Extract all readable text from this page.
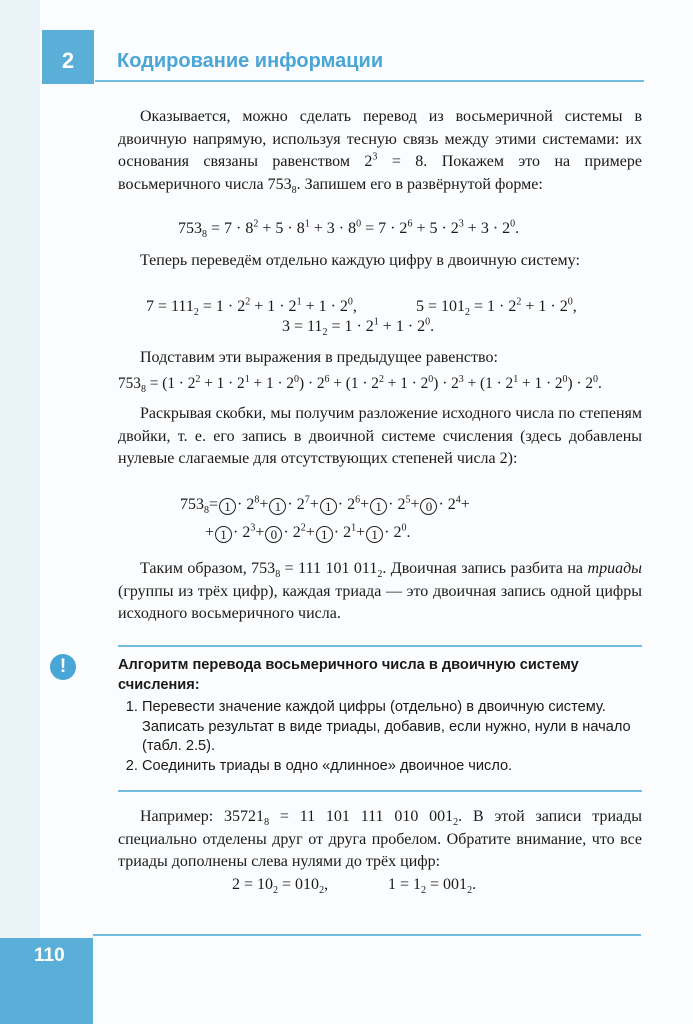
2	Кодирование информации

Оказывается, можно сделать перевод из восьмеричной системы в двоичную напрямую, используя тесную связь между этими системами: их основания связаны равенством $2^3 = 8$. Покажем это на примере восьмеричного числа $753_8$. Запишем его в развёрнутой форме:

$753_8 = 7 \cdot 8^2 + 5 \cdot 8^1 + 3 \cdot 8^0 = 7 \cdot 2^6 + 5 \cdot 2^3 + 3 \cdot 2^0$.

Теперь переведём отдельно каждую цифру в двоичную систему:

$7 = 111_2 = 1 \cdot 2^2 + 1 \cdot 2^1 + 1 \cdot 2^0$,	$5 = 101_2 = 1 \cdot 2^2 + 1 \cdot 2^0$,
$3 = 11_2 = 1 \cdot 2^1 + 1 \cdot 2^0$.

Подставим эти выражения в предыдущее равенство:

$753_8 = (1 \cdot 2^2 + 1 \cdot 2^1 + 1 \cdot 2^0) \cdot 2^6 + (1 \cdot 2^2 + 1 \cdot 2^0) \cdot 2^3 + (1 \cdot 2^1 + 1 \cdot 2^0) \cdot 2^0$.

Раскрывая скобки, мы получим разложение исходного числа по степеням двойки, т. е. его запись в двоичной системе счисления (здесь добавлены нулевые слагаемые для отсутствующих степеней числа 2):

$753_8= 1 \cdot 2^8+ 1 \cdot 2^7+ 1 \cdot 2^6+ 1 \cdot 2^5+ 0 \cdot 2^4+$
+ $1 \cdot 2^3+ 0 \cdot 2^2+ 1 \cdot 2^1+ 1 \cdot 2^0$.

Таким образом, $753_8 = 111$ 101 $011_2$. Двоичная запись разбита на триады (группы из трёх цифр), каждая триада — это двоичная запись одной цифры исходного восьмеричного числа.

!	Алгоритм перевода восьмеричного числа в двоичную систему счисления:
1. Перевести значение каждой цифры (отдельно) в двоичную систему. Записать результат в виде триады, добавив, если нужно, нули в начало (табл. 2.5).
2. Соединить триады в одно «длинное» двоичное число.

Например: $35721_8 = 11$ 101 111 010 $001_2$. В этой записи триады специально отделены друг от друга пробелом. Обратите внимание, что все триады дополнены слева нулями до трёх цифр:

$2 = 10_2 = 010_2$,	$1 = 1_2 = 001_2$.
110
